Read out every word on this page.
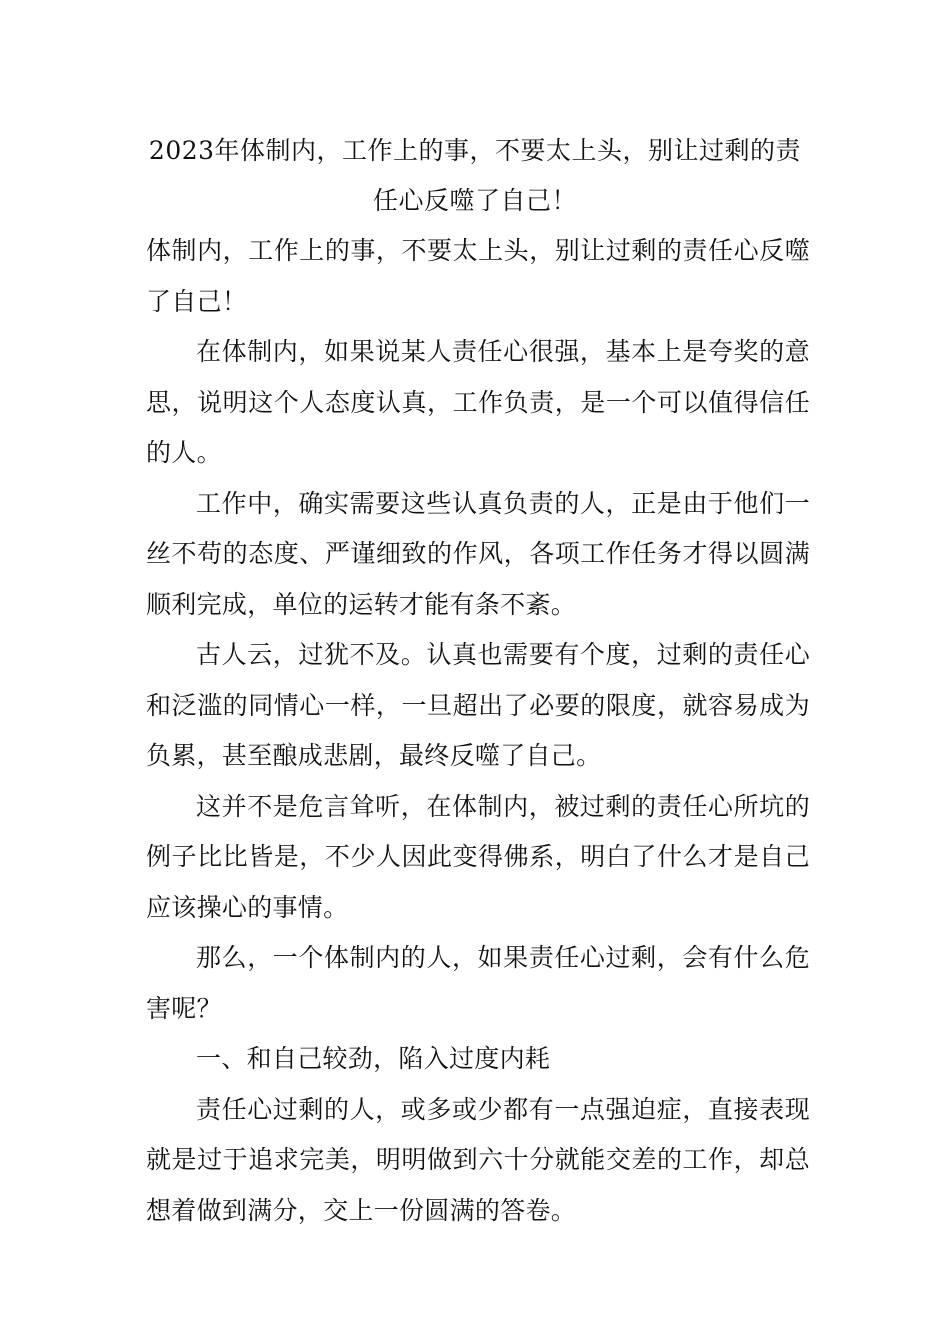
2023年体制内，工作上的事，不要太上头，别让过剩的责
任心反噬了自己！

体制内，工作上的事，不要太上头，别让过剩的责任心反噬了自己！

在体制内，如果说某人责任心很强，基本上是夸奖的意思，说明这个人态度认真，工作负责，是一个可以值得信任的人。

工作中，确实需要这些认真负责的人，正是由于他们一丝不苟的态度、严谨细致的作风，各项工作任务才得以圆满顺利完成，单位的运转才能有条不紊。

古人云，过犹不及。认真也需要有个度，过剩的责任心和泛滥的同情心一样，一旦超出了必要的限度，就容易成为负累，甚至酿成悲剧，最终反噬了自己。

这并不是危言耸听，在体制内，被过剩的责任心所坑的例子比比皆是，不少人因此变得佛系，明白了什么才是自己应该操心的事情。

那么，一个体制内的人，如果责任心过剩，会有什么危害呢？

一、和自己较劲，陷入过度内耗

责任心过剩的人，或多或少都有一点强迫症，直接表现就是过于追求完美，明明做到六十分就能交差的工作，却总想着做到满分，交上一份圆满的答卷。
